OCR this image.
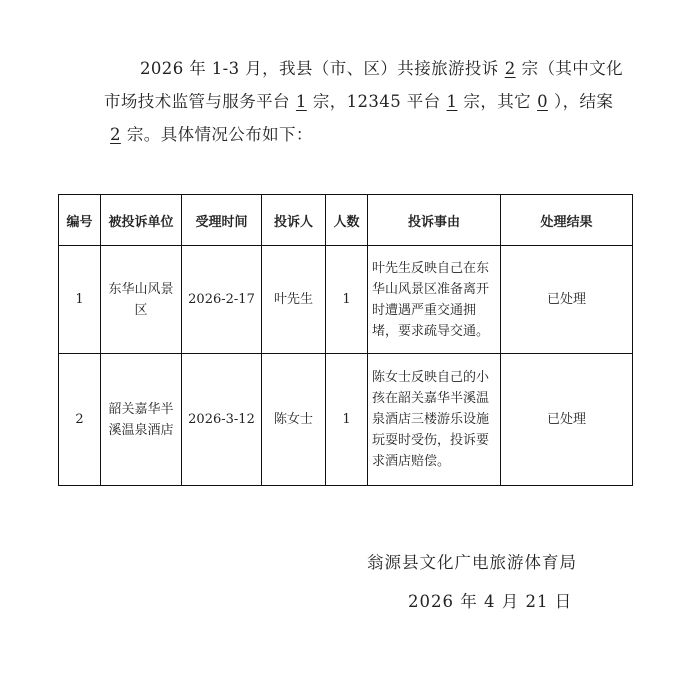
2026 年 1-3 月，我县（市、区）共接旅游投诉 2 宗（其中文化市场技术监管与服务平台 1 宗，12345 平台 1 宗，其它 0 ），结案2 宗。具体情况公布如下：

编号	被投诉单位	受理时间	投诉人	人数	投诉事由	处理结果
1	东华山风景区	2026-2-17	叶先生	1	叶先生反映自己在东华山风景区准备离开时遭遇严重交通拥堵，要求疏导交通。	已处理
2	韶关嘉华半溪温泉酒店	2026-3-12	陈女士	1	陈女士反映自己的小孩在韶关嘉华半溪温泉酒店三楼游乐设施玩耍时受伤，投诉要求酒店赔偿。	已处理

翁源县文化广电旅游体育局

2026 年 4 月 21 日
